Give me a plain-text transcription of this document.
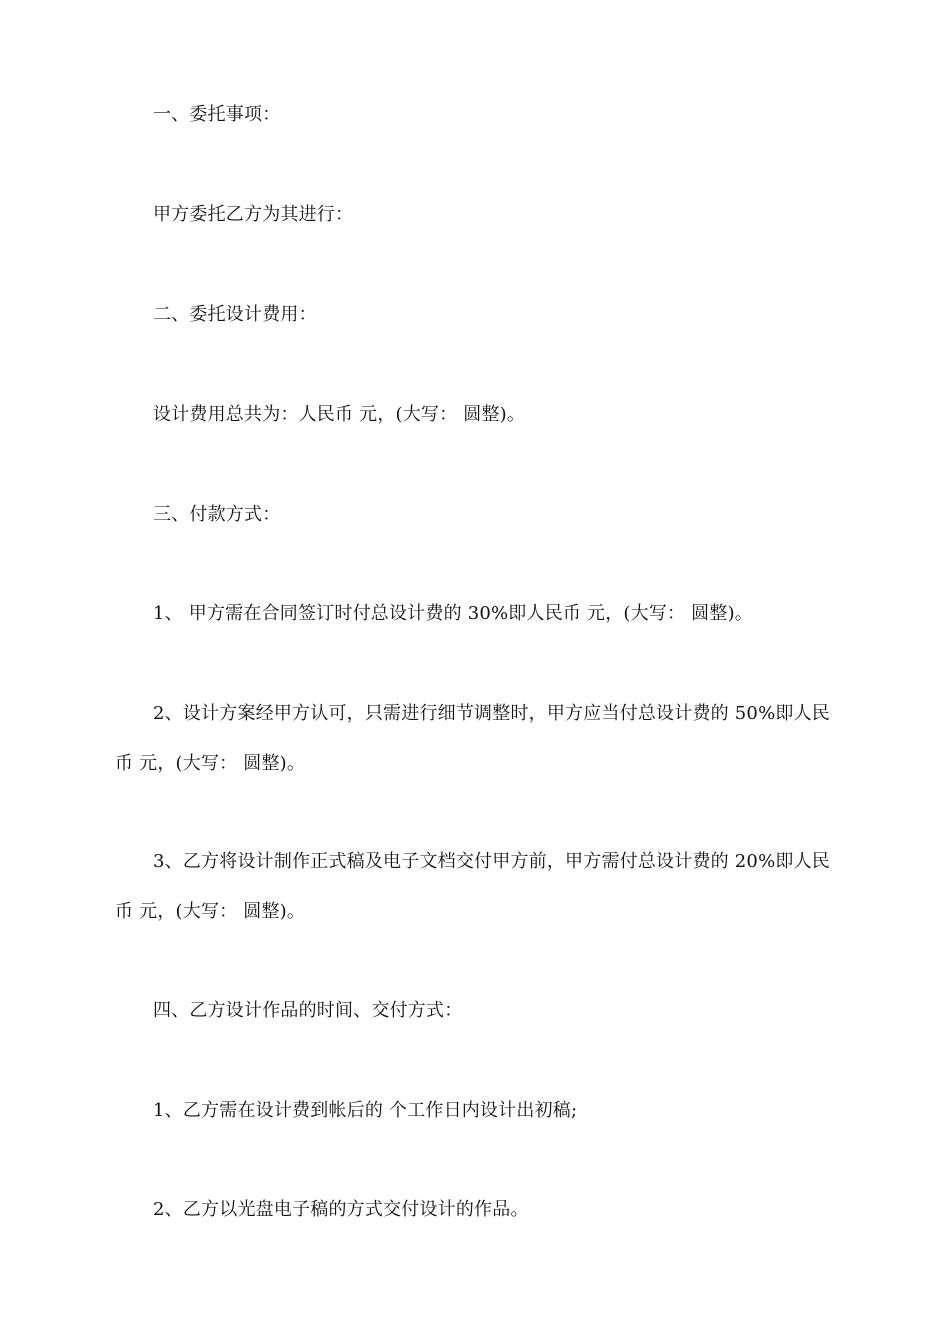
一、委托事项：

甲方委托乙方为其进行：

二、委托设计费用：

设计费用总共为：人民币 元，(大写： 圆整)。

三、付款方式：

1、 甲方需在合同签订时付总设计费的 30%即人民币 元，(大写： 圆整)。

2、设计方案经甲方认可，只需进行细节调整时，甲方应当付总设计费的 50%即人民币 元，(大写： 圆整)。

3、乙方将设计制作正式稿及电子文档交付甲方前，甲方需付总设计费的 20%即人民币 元，(大写： 圆整)。

四、乙方设计作品的时间、交付方式：

1、乙方需在设计费到帐后的 个工作日内设计出初稿;

2、乙方以光盘电子稿的方式交付设计的作品。
